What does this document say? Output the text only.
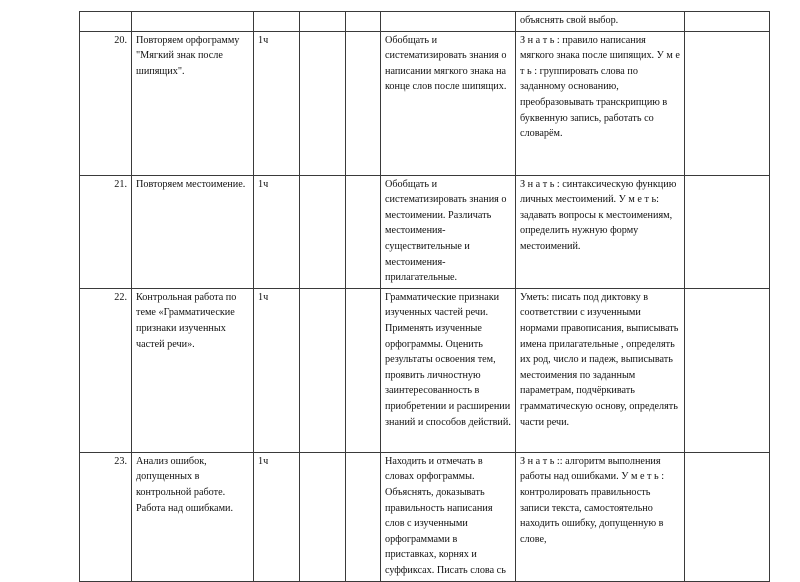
						объяснять свой выбор.	
20.	Повторяем орфограмму "Мягкий знак после шипящих".	1ч			Обобщать и систематизировать знания о написании мягкого знака на конце слов после шипящих.	З н а т ь : правило написания мягкого знака после шипящих. У м е т ь : группировать слова по заданному основанию, преобразовывать транскрипцию в буквенную запись, работать со словарём.	
21.	Повторяем местоимение.	1ч			Обобщать и систематизировать знания о местоимении. Различать местоимения-существительные и местоимения-прилагательные.	З н а т ь : синтаксическую функцию личных местоимений. У м е т ь: задавать вопросы к местоимениям, определить нужную форму местоимений.	
22.	Контрольная работа по теме «Грамматические признаки изученных частей речи».	1ч			Грамматические признаки изученных частей речи. Применять изученные орфограммы. Оценить результаты освоения тем, проявить личностную заинтересованность в приобретении и расширении знаний и способов действий.	Уметь: писать под диктовку в соответствии с изученными нормами правописания, выписывать имена прилагательные , определять их род, число и падеж, выписывать местоимения по заданным параметрам, подчёркивать грамматическую основу, определять части речи.	
23.	Анализ ошибок, допущенных в контрольной работе. Работа над ошибками.	1ч			Находить и отмечать в словах орфограммы. Объяснять, доказывать правильность написания слов с изученными орфограммами в приставках, корнях и суффиксах. Писать слова сь	З н а т ь :: алгоритм выполнения работы над ошибками. У м е т ь : контролировать правильность записи текста, самостоятельно находить ошибку, допущенную в слове,	
